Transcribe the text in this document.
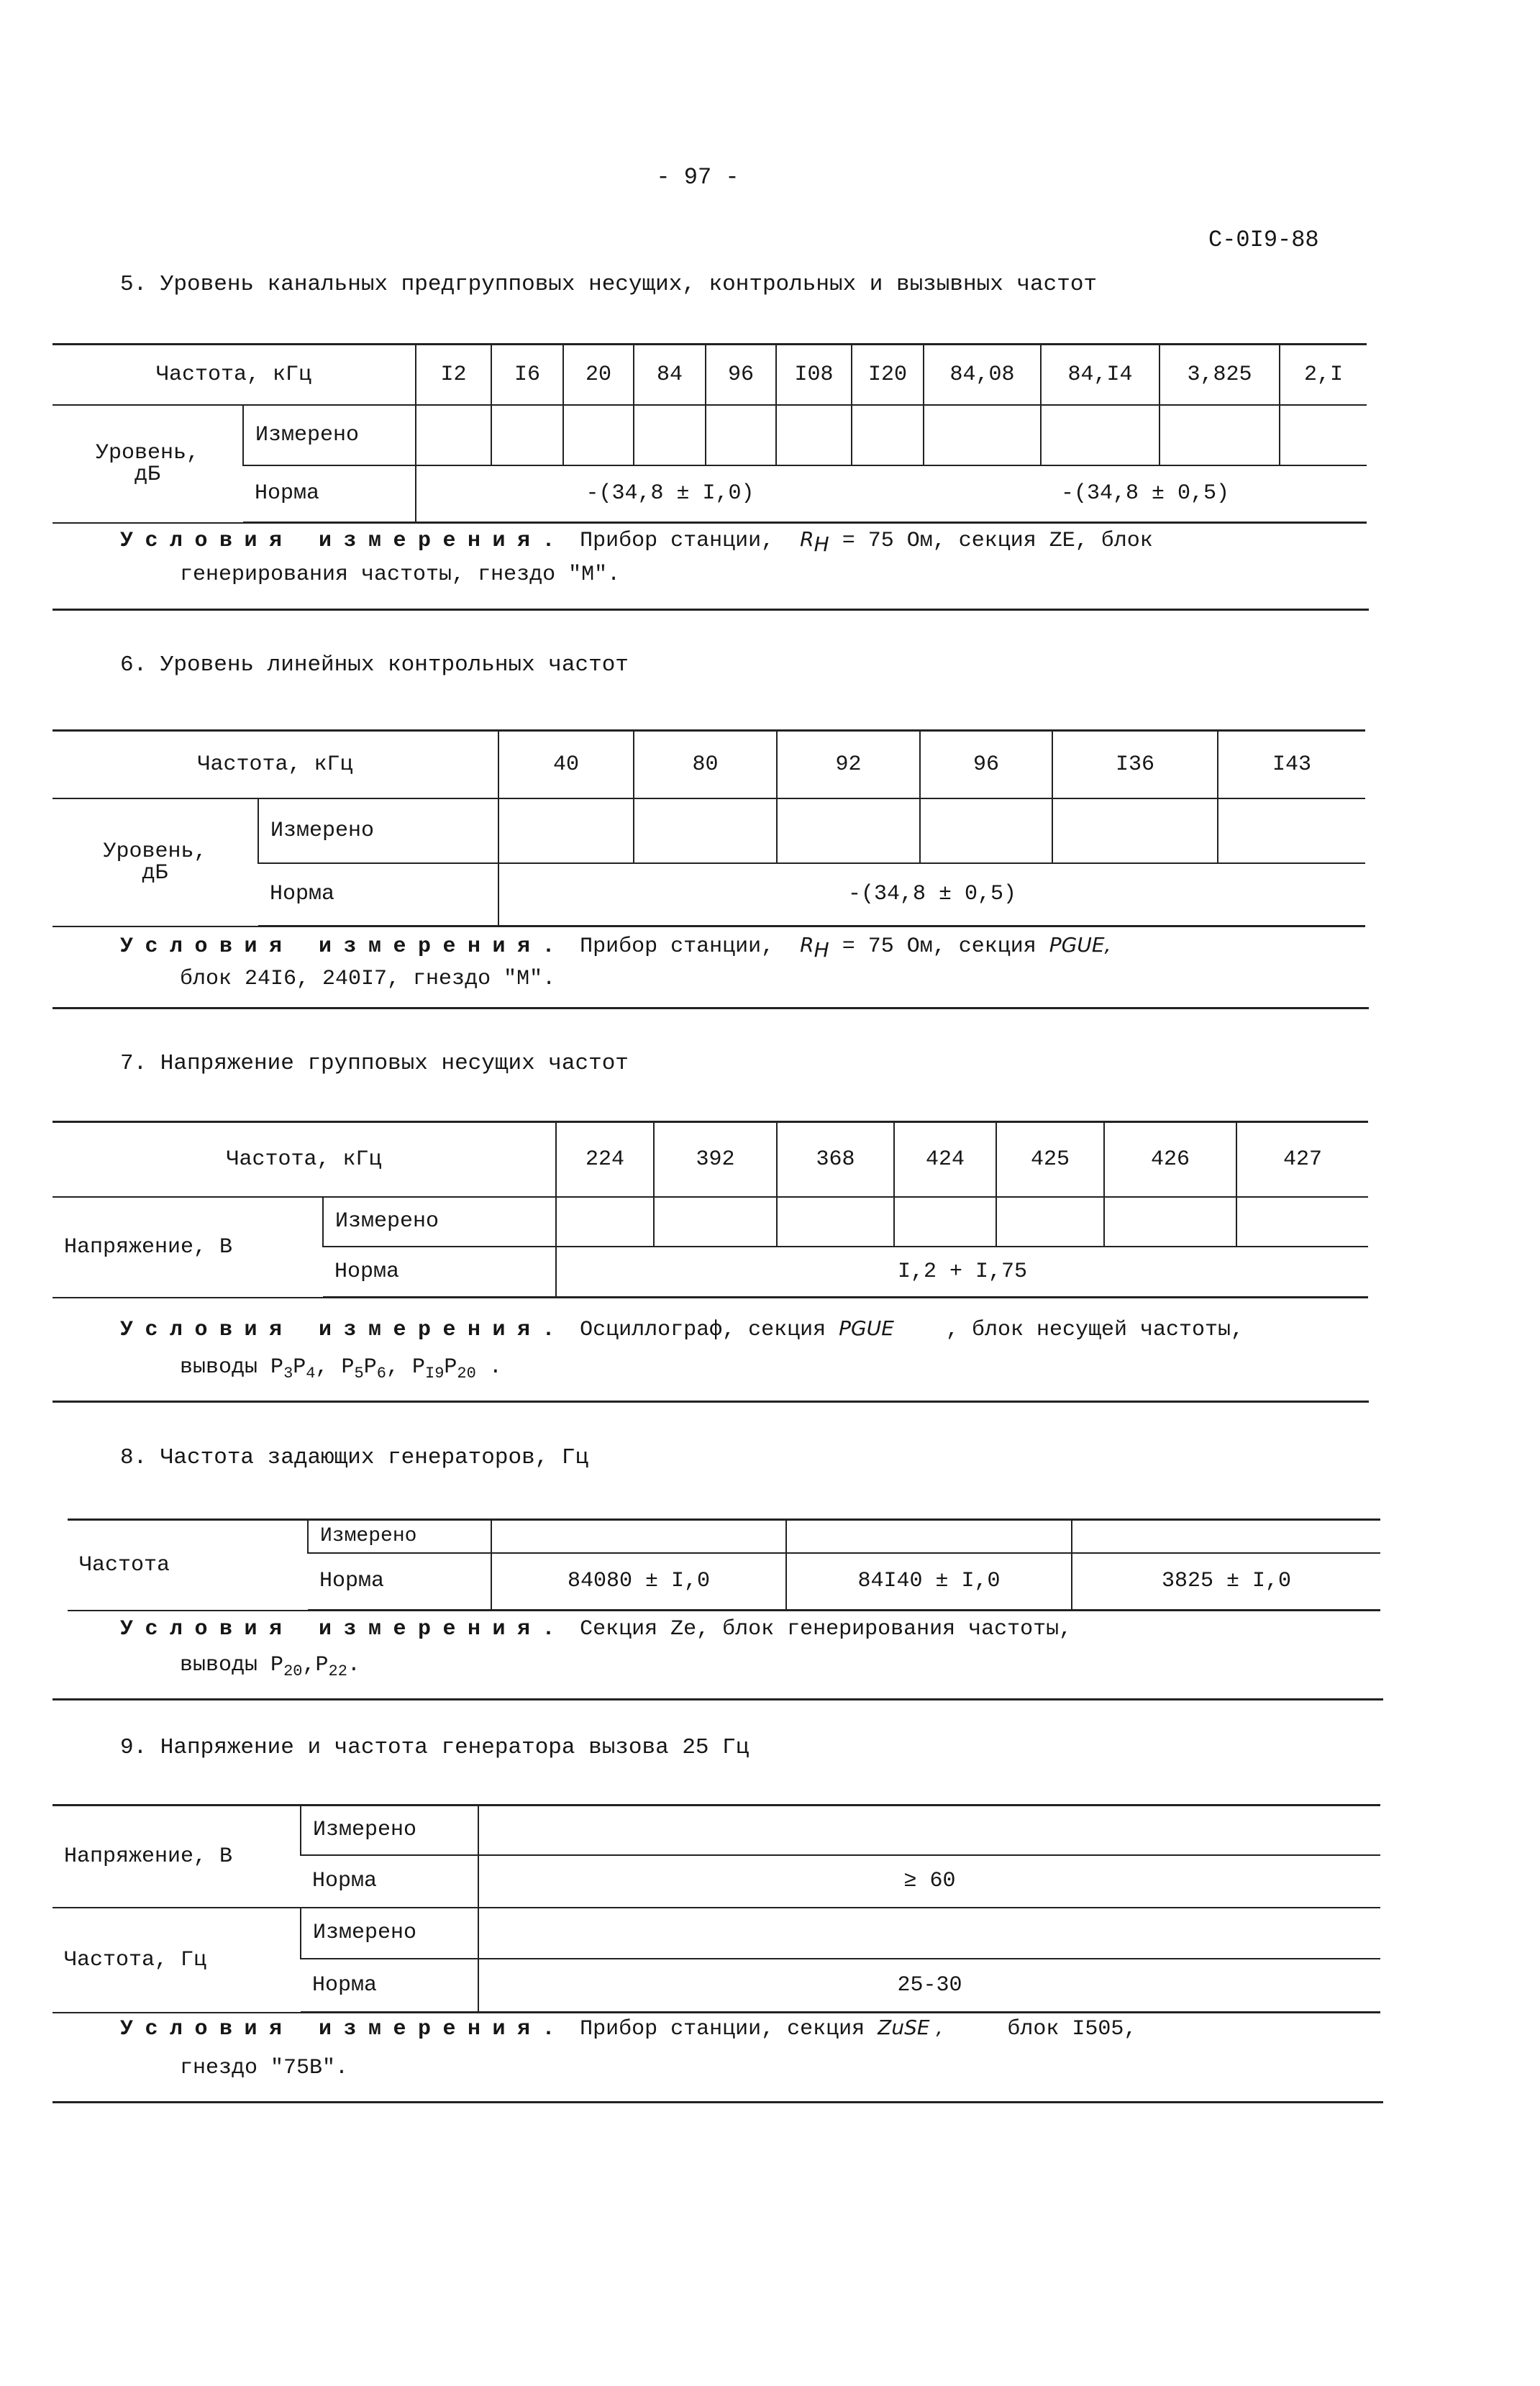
- 97 -
С-0I9-88
5. Уровень канальных предгрупповых несущих, контрольных и вызывных частот
Частота, кГц		I2	I6	20	84	96	I08	I20	84,08	84,I4	3,825	2,I
Уровень,
дБ	Измерено											
	Норма	-(34,8 ± I,0)							-(34,8 ± 0,5)			
Условия измерения. Прибор станции, $R_Н = 75$ Ом, секция ZE, блок
генерирования частоты, гнездо "М".
6. Уровень линейных контрольных частот
Частота, кГц		40	80	92	96	I36	I43
Уровень,
дБ	Измерено						
	Норма	-(34,8 ± 0,5)					
Условия измерения. Прибор станции, $R_Н = 75$ Ом, секция PGUE,
блок 24I6, 240I7, гнездо "М".
7. Напряжение групповых несущих частот
Частота, кГц		224	392	368	424	425	426	427
Напряжение, В	Измерено							
	Норма	I,2 + I,75						
Условия измерения. Осциллограф, секция PGUE , блок несущей частоты,
выводы $Р_3Р_4$, $Р_5Р_6$, $Р_{I9}Р_{20}$ .
8. Частота задающих генераторов, Гц
Частота	Измерено			
	Норма	84080 ± I,0	84I40 ± I,0	3825 ± I,0
Условия измерения. Секция Ze, блок генерирования частоты,
выводы $Р_{20},Р_{22}$.
9. Напряжение и частота генератора вызова 25 Гц
Напряжение, В	Измерено	
	Норма	≥ 60
Частота, Гц	Измерено	
	Норма	25-30
Условия измерения. Прибор станции, секция ZuSE ,	блок I505,
гнездо "75В".
